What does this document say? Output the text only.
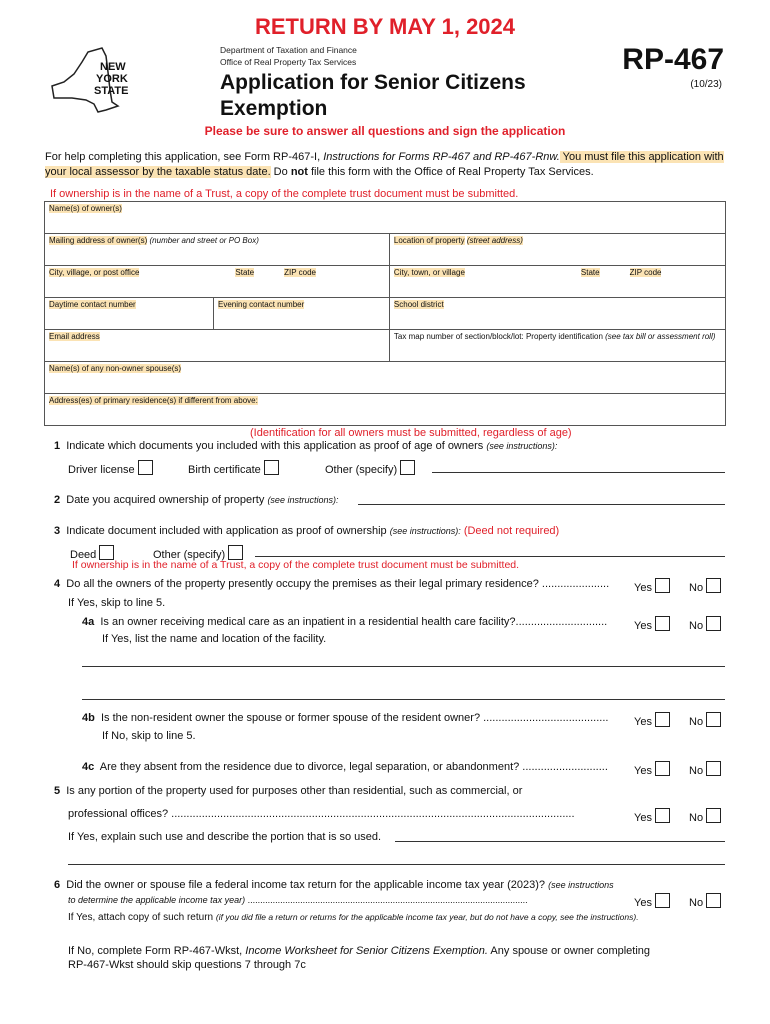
RETURN BY MAY 1, 2024
NEW
YORK
STATE
Department of Taxation and Finance
Office of Real Property Tax Services
Application for Senior Citizens
Exemption
RP-467
(10/23)
Please be sure to answer all questions and sign the application
For help completing this application, see Form RP-467-I, Instructions for Forms RP-467 and RP-467-Rnw. You must file this application with your local assessor by the taxable status date. Do not file this form with the Office of Real Property Tax Services.
If ownership is in the name of a Trust, a copy of the complete trust document must be submitted.
Name(s) of owner(s)		
Mailing address of owner(s) (number and street or PO Box)		Location of property (street address)
City, village, or post office State ZIP code		City, town, or village State ZIP code
Daytime contact number	Evening contact number	School district
Email address		Tax map number of section/block/lot: Property identification (see tax bill or assessment roll)
Name(s) of any non-owner spouse(s)		
Address(es) of primary residence(s) if different from above:		
(Identification for all owners must be submitted, regardless of age)
1 Indicate which documents you included with this application as proof of age of owners (see instructions):
Driver license	Birth certificate	Other (specify)
2 Date you acquired ownership of property (see instructions):
3 Indicate document included with application as proof of ownership (see instructions): (Deed not required)
Deed	Other (specify)
If ownership is in the name of a Trust, a copy of the complete trust document must be submitted.
4 Do all the owners of the property presently occupy the premises as their legal primary residence? ...................... Yes	No
If Yes, skip to line 5.
4a Is an owner receiving medical care as an inpatient in a residential health care facility?.............................. Yes	No
If Yes, list the name and location of the facility.
4b Is the non-resident owner the spouse or former spouse of the resident owner? ......................................... Yes	No
If No, skip to line 5.
4c Are they absent from the residence due to divorce, legal separation, or abandonment? ............................ Yes	No
5 Is any portion of the property used for purposes other than residential, such as commercial, or
professional offices? ....................................................................................................................................	Yes	No
If Yes, explain such use and describe the portion that is so used.
6 Did the owner or spouse file a federal income tax return for the applicable income tax year (2023)? (see instructions
to determine the applicable income tax year) ................................................................................................................	Yes	No
If Yes, attach copy of such return (if you did file a return or returns for the applicable income tax year, but do not have a copy, see the instructions).
If No, complete Form RP-467-Wkst, Income Worksheet for Senior Citizens Exemption. Any spouse or owner completing
RP-467-Wkst should skip questions 7 through 7c
